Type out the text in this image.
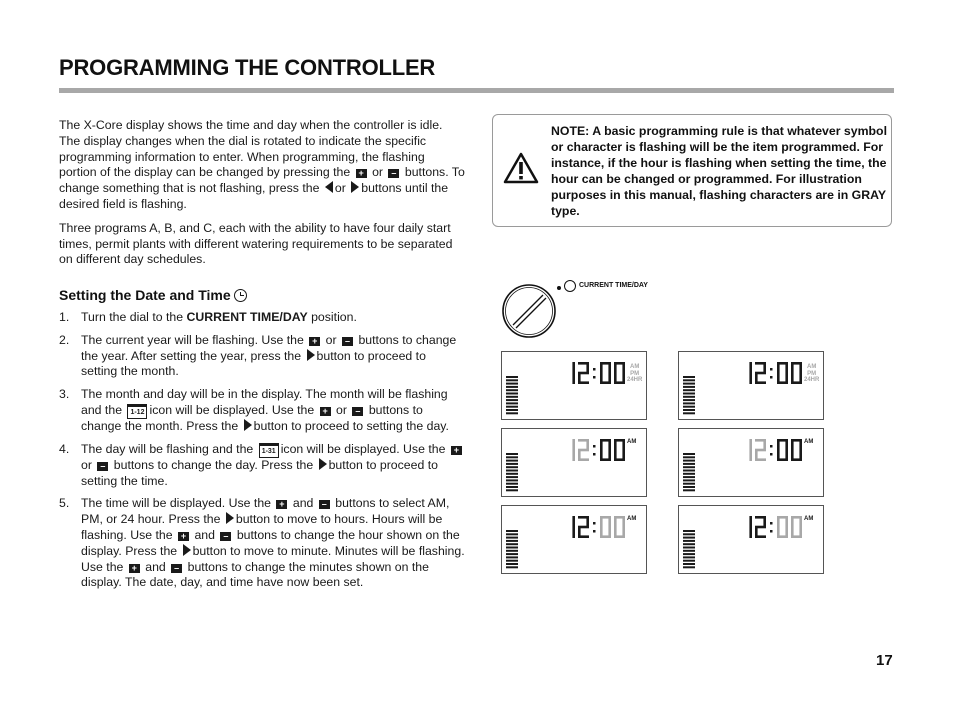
PROGRAMMING THE CONTROLLER

The X-Core display shows the time and day when the controller is idle. The display changes when the dial is rotated to indicate the specific programming information to enter. When programming, the flashing portion of the display can be changed by pressing the + or – buttons. To change something that is not flashing, press the or buttons until the desired field is flashing.

Three programs A, B, and C, each with the ability to have four daily start times, permit plants with different watering requirements to be separated on different day schedules.

Setting the Date and Time
1. Turn the dial to the CURRENT TIME/DAY position.
2. The current year will be flashing. Use the + or – buttons to change the year. After setting the year, press the button to proceed to setting the month.
3. The month and day will be in the display. The month will be flashing and the 1-12 icon will be displayed. Use the + or – buttons to change the month. Press the button to proceed to setting the day.
4. The day will be flashing and the 1-31 icon will be displayed. Use the + or – buttons to change the day. Press the button to proceed to setting the time.
5. The time will be displayed. Use the + and – buttons to select AM, PM, or 24 hour. Press the button to move to hours. Hours will be flashing. Use the + and – buttons to change the hour shown on the display. Press the button to move to minute. Minutes will be flashing. Use the + and – buttons to change the minutes shown on the display. The date, day, and time have now been set.
NOTE: A basic programming rule is that whatever symbol or character is flashing will be the item programmed. For instance, if the hour is flashing when setting the time, the hour can be changed or programmed. For illustration purposes in this manual, flashing characters are in GRAY type.
CURRENT TIME/DAY
AM
PM
24HR
AM
PM
24HR
AM	AM
AM	AM
17
